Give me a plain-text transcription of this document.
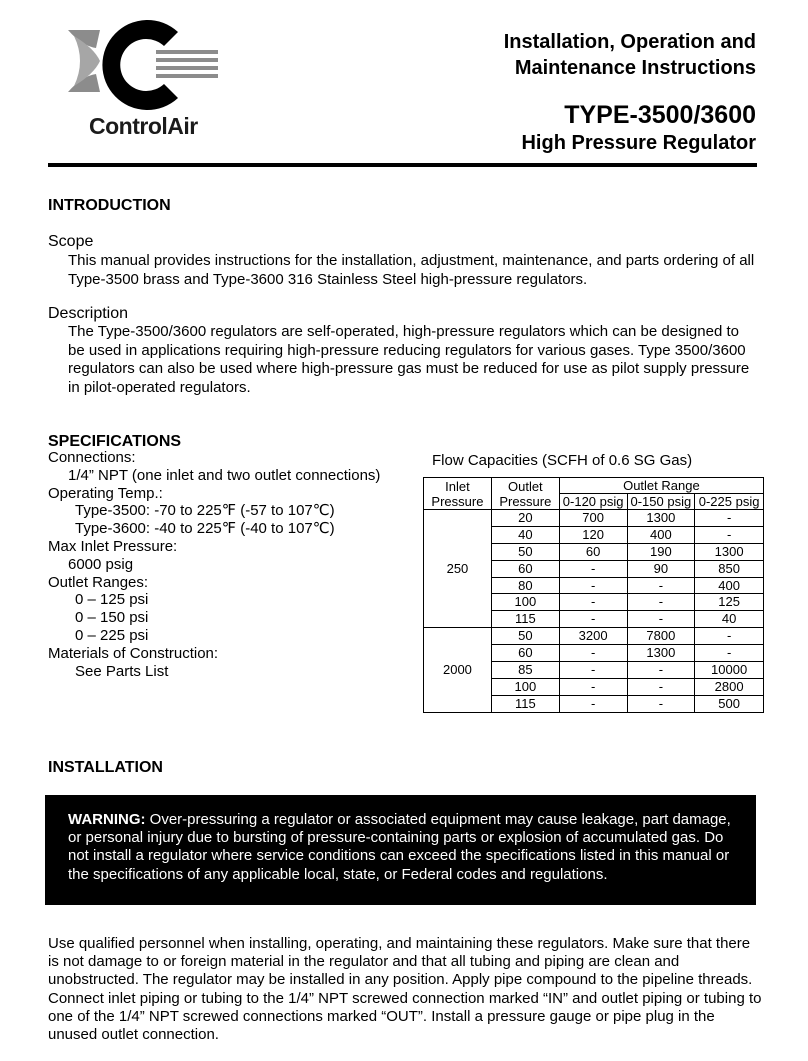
ControlAir
Installation, Operation and
Maintenance Instructions
TYPE-3500/3600
High Pressure Regulator
INTRODUCTION
Scope
This manual provides instructions for the installation, adjustment, maintenance, and parts ordering of all Type-3500 brass and Type-3600 316 Stainless Steel high-pressure regulators.
Description
The Type-3500/3600 regulators are self-operated, high-pressure regulators which can be designed to be used in applications requiring high-pressure reducing regulators for various gases. Type 3500/3600 regulators can also be used where high-pressure gas must be reduced for use as pilot supply pressure in pilot-operated regulators.
SPECIFICATIONS
Connections:
1/4” NPT (one inlet and two outlet connections)
Operating Temp.:
Type-3500: -70 to 225℉ (-57 to 107℃)
Type-3600: -40 to 225℉ (-40 to 107℃)
Max Inlet Pressure:
6000 psig
Outlet Ranges:
0 – 125 psi
0 – 150 psi
0 – 225 psi
Materials of Construction:
See Parts List
Flow Capacities (SCFH of 0.6 SG Gas)
Inlet Pressure	Outlet Pressure	Outlet Range		
		0-120 psig	0-150 psig	0-225 psig
250	20	700	1300	-
	40	120	400	-
	50	60	190	1300
	60	-	90	850
	80	-	-	400
	100	-	-	125
	115	-	-	40
2000	50	3200	7800	-
	60	-	1300	-
	85	-	-	10000
	100	-	-	2800
	115	-	-	500
INSTALLATION
WARNING: Over-pressuring a regulator or associated equipment may cause leakage, part damage, or personal injury due to bursting of pressure-containing parts or explosion of accumulated gas. Do not install a regulator where service conditions can exceed the specifications listed in this manual or the specifications of any applicable local, state, or Federal codes and regulations.
Use qualified personnel when installing, operating, and maintaining these regulators. Make sure that there is not damage to or foreign material in the regulator and that all tubing and piping are clean and unobstructed. The regulator may be installed in any position. Apply pipe compound to the pipeline threads. Connect inlet piping or tubing to the 1/4” NPT screwed connection marked “IN” and outlet piping or tubing to one of the 1/4” NPT screwed connections marked “OUT”. Install a pressure gauge or pipe plug in the unused outlet connection.
